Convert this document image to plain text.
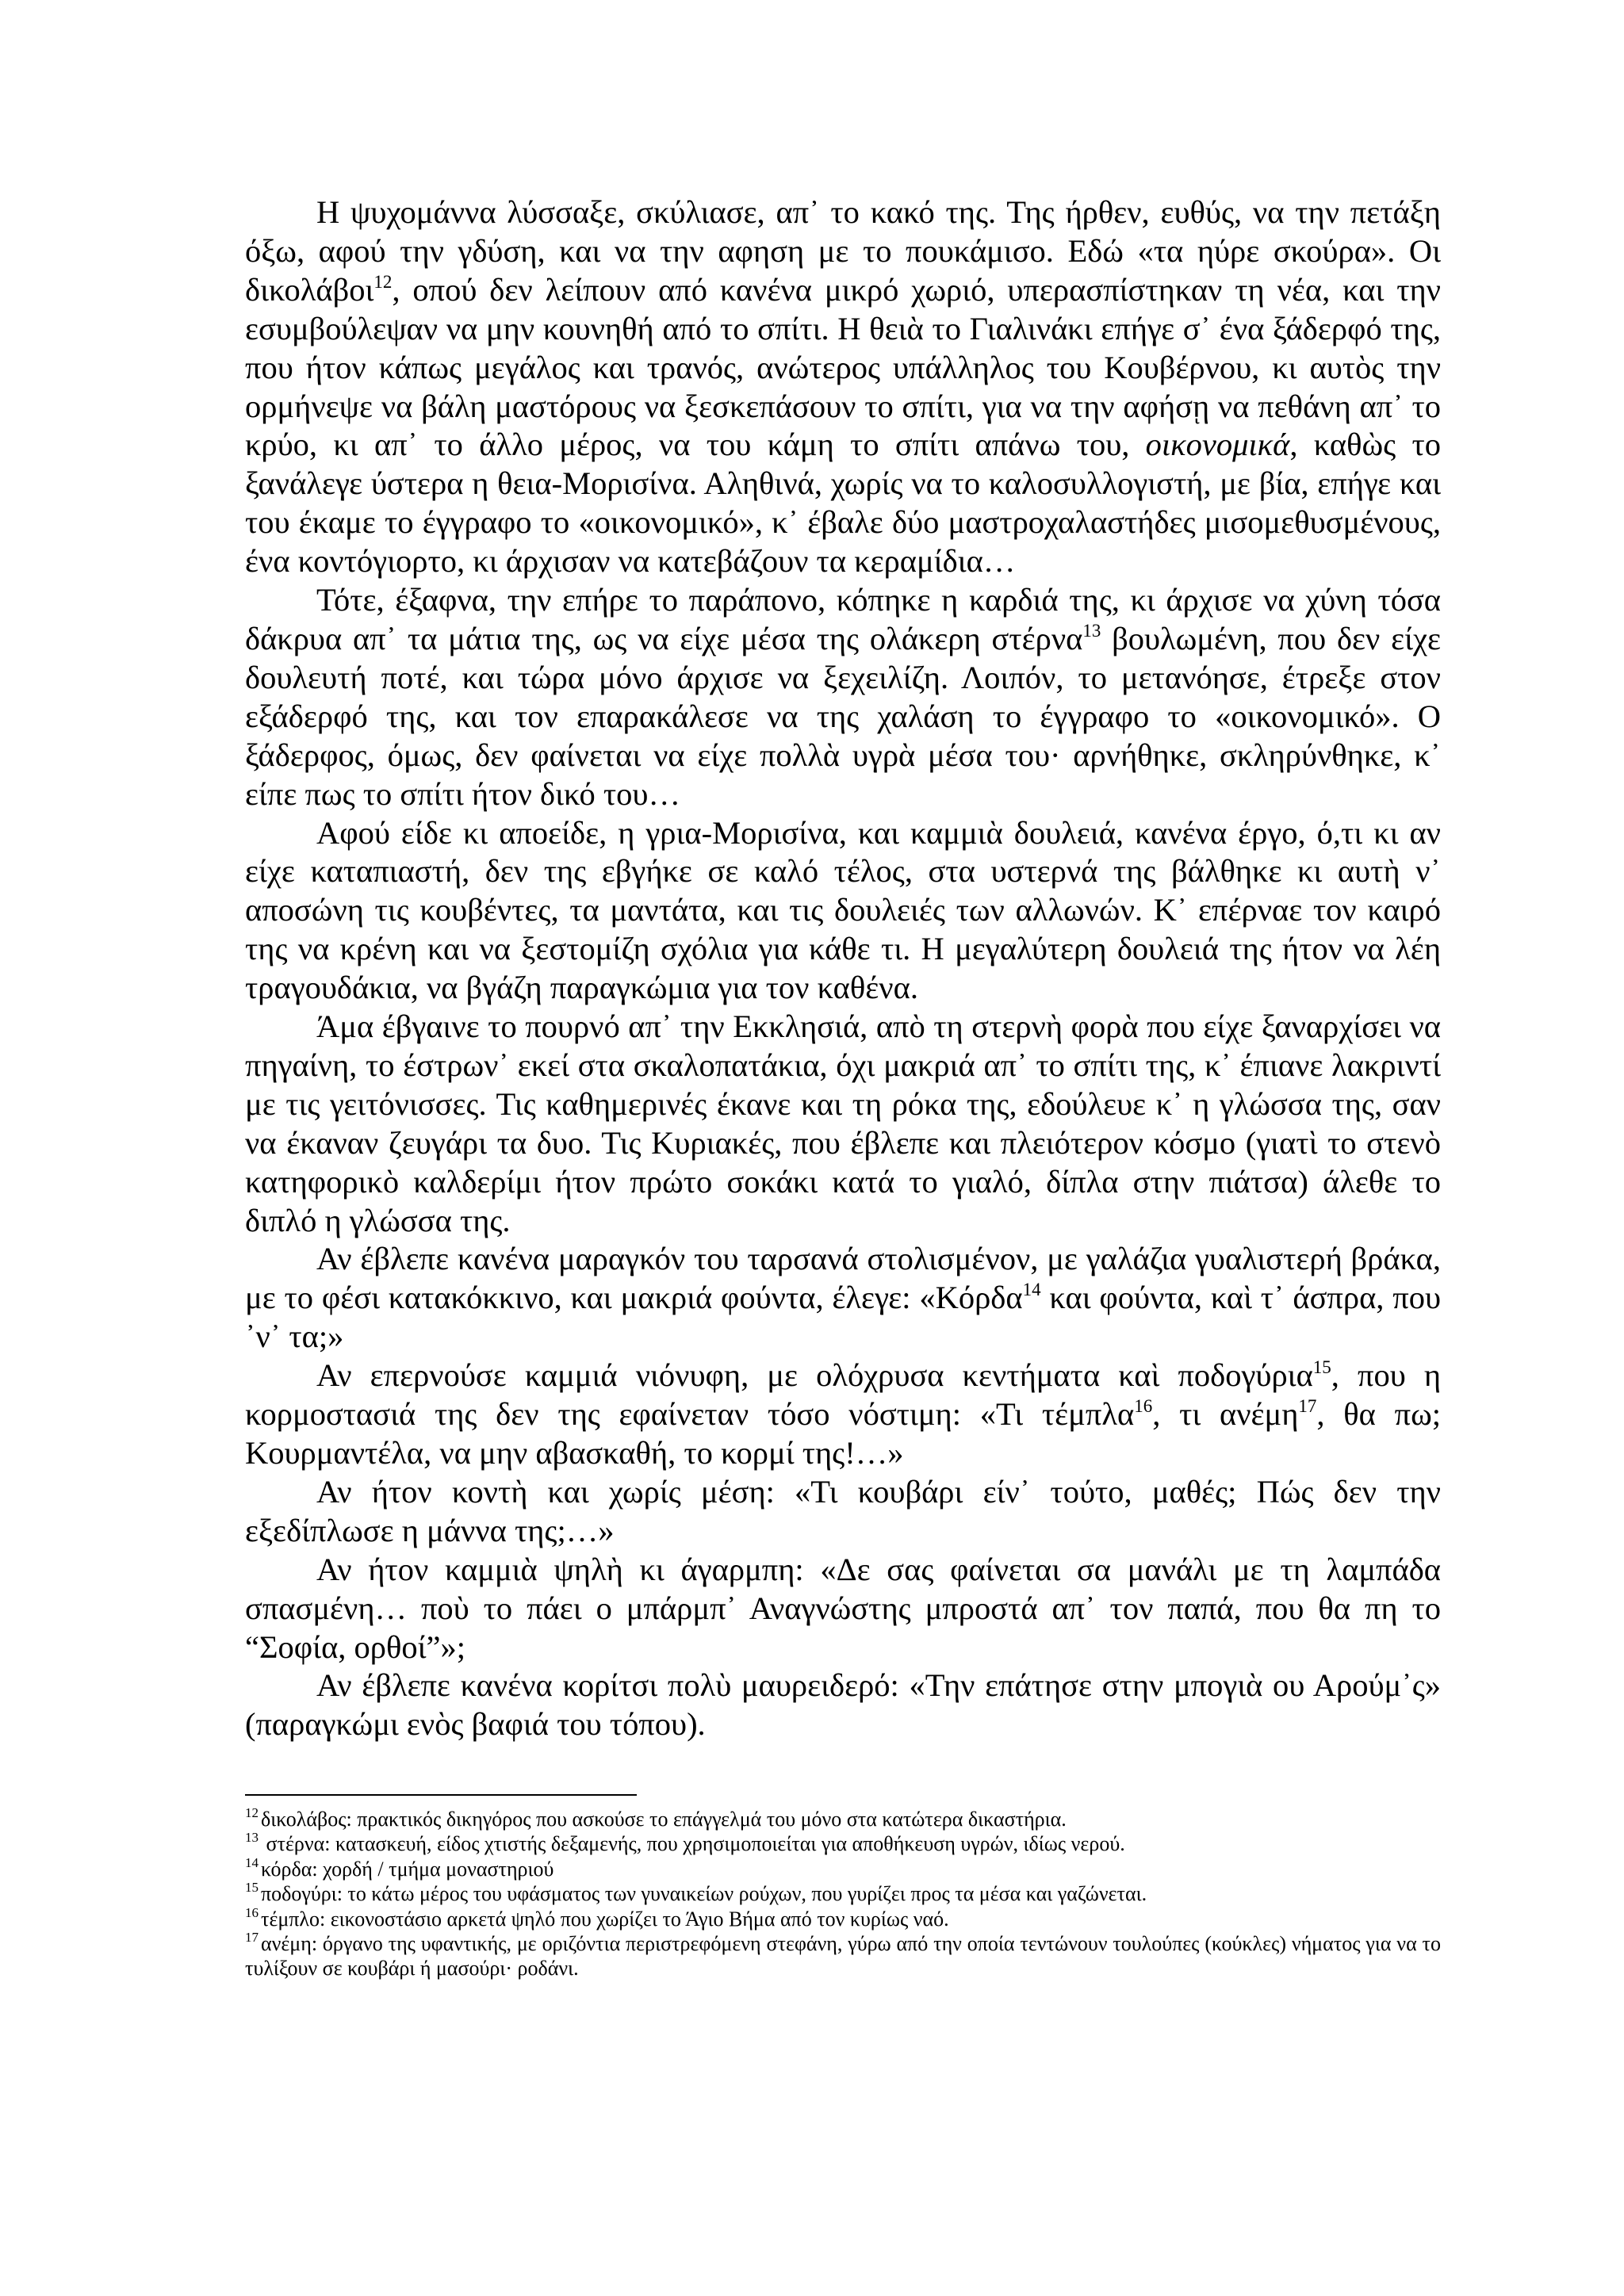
Η ψυχομάννα λύσσαξε, σκύλιασε, απ᾿ το κακό της. Της ήρθεν, ευθύς, να την πετάξη όξω, αφού την γδύση, και να την αφηση με το πουκάμισο. Εδώ «τα ηύρε σκούρα». Οι δικολάβοι$^{12}$, οπού δεν λείπουν από κανένα μικρό χωριό, υπερασπίστηκαν τη νέα, και την εσυμβούλεψαν να μην κουνηθή από το σπίτι. Η θειὰ το Γιαλινάκι επήγε σ᾿ ένα ξάδερφό της, που ήτον κάπως μεγάλος και τρανός, ανώτερος υπάλληλος του Κουβέρνου, κι αυτὸς την ορμήνεψε να βάλη μαστόρους να ξεσκεπάσουν το σπίτι, για να την αφήσῃ να πεθάνη απ᾿ το κρύο, κι απ᾿ το άλλο μέρος, να του κάμη το σπίτι απάνω του, οικονομικά, καθὼς το ξανάλεγε ύστερα η θεια-Μορισίνα. Αληθινά, χωρίς να το καλοσυλλογιστή, με βία, επήγε και του έκαμε το έγγραφο το «οικονομικό», κ᾿ έβαλε δύο μαστροχαλαστήδες μισομεθυσμένους, ένα κοντόγιορτο, κι άρχισαν να κατεβάζουν τα κεραμίδια…

Τότε, έξαφνα, την επήρε το παράπονο, κόπηκε η καρδιά της, κι άρχισε να χύνη τόσα δάκρυα απ᾿ τα μάτια της, ως να είχε μέσα της ολάκερη στέρνα$^{13}$ βουλωμένη, που δεν είχε δουλευτή ποτέ, και τώρα μόνο άρχισε να ξεχειλίζη. Λοιπόν, το μετανόησε, έτρεξε στον εξάδερφό της, και τον επαρακάλεσε να της χαλάση το έγγραφο το «οικονομικό». Ο ξάδερφος, όμως, δεν φαίνεται να είχε πολλὰ υγρὰ μέσα του· αρνήθηκε, σκληρύνθηκε, κ᾿ είπε πως το σπίτι ήτον δικό του…

Αφού είδε κι αποείδε, η γρια-Μορισίνα, και καμμιὰ δουλειά, κανένα έργο, ό,τι κι αν είχε καταπιαστή, δεν της εβγήκε σε καλό τέλος, στα υστερνά της βάλθηκε κι αυτὴ ν᾿ αποσώνη τις κουβέντες, τα μαντάτα, και τις δουλειές των αλλωνών. Κ᾿ επέρναε τον καιρό της να κρένη και να ξεστομίζη σχόλια για κάθε τι. Η μεγαλύτερη δουλειά της ήτον να λέη τραγουδάκια, να βγάζη παραγκώμια για τον καθένα.

Άμα έβγαινε το πουρνό απ᾿ την Εκκλησιά, απὸ τη στερνὴ φορὰ που είχε ξαναρχίσει να πηγαίνη, το έστρων᾿ εκεί στα σκαλοπατάκια, όχι μακριά απ᾿ το σπίτι της, κ᾿ έπιανε λακριντί με τις γειτόνισσες. Τις καθημερινές έκανε και τη ρόκα της, εδούλευε κ᾿ η γλώσσα της, σαν να έκαναν ζευγάρι τα δυο. Τις Κυριακές, που έβλεπε και πλειότερον κόσμο (γιατὶ το στενὸ κατηφορικὸ καλδερίμι ήτον πρώτο σοκάκι κατά το γιαλό, δίπλα στην πιάτσα) άλεθε το διπλό η γλώσσα της.

Αν έβλεπε κανένα μαραγκόν του ταρσανά στολισμένον, με γαλάζια γυαλιστερή βράκα, με το φέσι κατακόκκινο, και μακριά φούντα, έλεγε: «Κόρδα$^{14}$ και φούντα, καὶ τ᾿ άσπρα, που ᾿ν᾿ τα;»

Αν επερνούσε καμμιά νιόνυφη, με ολόχρυσα κεντήματα καὶ ποδογύρια$^{15}$, που η κορμοστασιά της δεν της εφαίνεταν τόσο νόστιμη: «Τι τέμπλα$^{16}$, τι ανέμη$^{17}$, θα πω; Κουρμαντέλα, να μην αβασκαθή, το κορμί της!…»

Αν ήτον κοντὴ και χωρίς μέση: «Τι κουβάρι είν᾿ τούτο, μαθές; Πώς δεν την εξεδίπλωσε η μάννα της;…»

Αν ήτον καμμιὰ ψηλὴ κι άγαρμπη: «Δε σας φαίνεται σα μανάλι με τη λαμπάδα σπασμένη… ποὺ το πάει ο μπάρμπ᾿ Αναγνώστης μπροστά απ᾿ τον παπά, που θα πη το “Σοφία, ορθοί”»;

Αν έβλεπε κανένα κορίτσι πολὺ μαυρειδερό: «Την επάτησε στην μπογιὰ ου Αρούμ᾿ς» (παραγκώμι ενὸς βαφιά του τόπου).

$^{12}$ δικολάβος: πρακτικός δικηγόρος που ασκούσε το επάγγελμά του μόνο στα κατώτερα δικαστήρια.

$^{13}$ στέρνα: κατασκευή, είδος χτιστής δεξαμενής, που χρησιμοποιείται για αποθήκευση υγρών, ιδίως νερού.

$^{14}$ κόρδα: χορδή / τμήμα μοναστηριού

$^{15}$ ποδογύρι: το κάτω μέρος του υφάσματος των γυναικείων ρούχων, που γυρίζει προς τα μέσα και γαζώνεται.

$^{16}$ τέμπλο: εικονοστάσιο αρκετά ψηλό που χωρίζει το Άγιο Βήμα από τον κυρίως ναό.

$^{17}$ ανέμη: όργανο της υφαντικής, με οριζόντια περιστρεφόμενη στεφάνη, γύρω από την οποία τεντώνουν τουλούπες (κούκλες) νήματος για να το τυλίξουν σε κουβάρι ή μασούρι· ροδάνι.
